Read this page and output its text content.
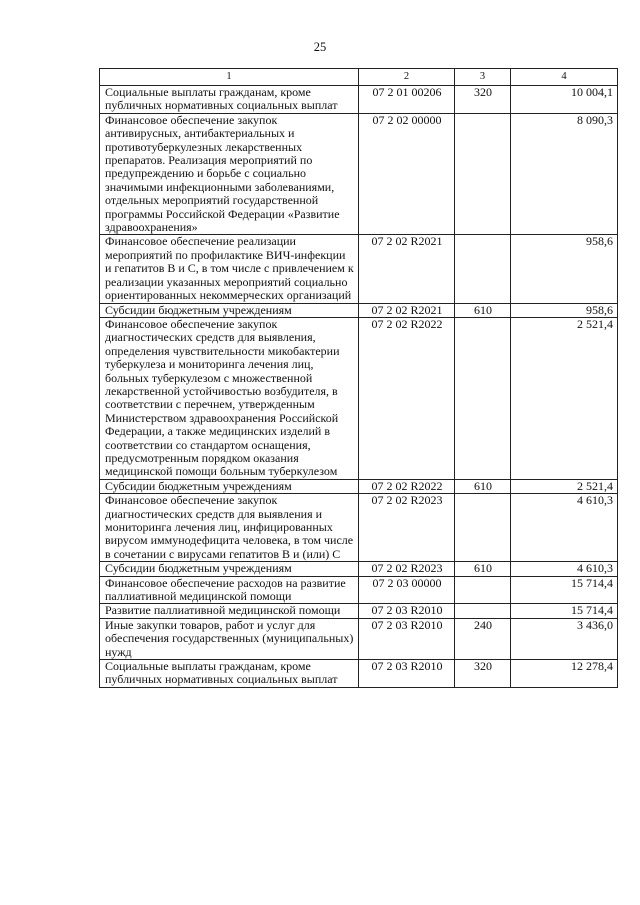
25
1	2	3	4
Социальные выплаты гражданам, кроме публичных нормативных социальных выплат	07 2 01 00206	320	10 004,1
Финансовое обеспечение закупок антивирусных, антибактериальных и противотуберкулезных лекарственных препаратов. Реализация мероприятий по предупреждению и борьбе с социально значимыми инфекционными заболеваниями, отдельных мероприятий государственной программы Российской Федерации «Развитие здравоохранения»	07 2 02 00000		8 090,3
Финансовое обеспечение реализации мероприятий по профилактике ВИЧ-инфекции и гепатитов В и С, в том числе с привлечением к реализации указанных мероприятий социально ориентированных некоммерческих организаций	07 2 02 R2021		958,6
Субсидии бюджетным учреждениям	07 2 02 R2021	610	958,6
Финансовое обеспечение закупок диагностических средств для выявления, определения чувствительности микобактерии туберкулеза и мониторинга лечения лиц, больных туберкулезом с множественной лекарственной устойчивостью возбудителя, в соответствии с перечнем, утвержденным Министерством здравоохранения Российской Федерации, а также медицинских изделий в соответствии со стандартом оснащения, предусмотренным порядком оказания медицинской помощи больным туберкулезом	07 2 02 R2022		2 521,4
Субсидии бюджетным учреждениям	07 2 02 R2022	610	2 521,4
Финансовое обеспечение закупок диагностических средств для выявления и мониторинга лечения лиц, инфицированных вирусом иммунодефицита человека, в том числе в сочетании с вирусами гепатитов В и (или) С	07 2 02 R2023		4 610,3
Субсидии бюджетным учреждениям	07 2 02 R2023	610	4 610,3
Финансовое обеспечение расходов на развитие паллиативной медицинской помощи	07 2 03 00000		15 714,4
Развитие паллиативной медицинской помощи	07 2 03 R2010		15 714,4
Иные закупки товаров, работ и услуг для обеспечения государственных (муниципальных) нужд	07 2 03 R2010	240	3 436,0
Социальные выплаты гражданам, кроме публичных нормативных социальных выплат	07 2 03 R2010	320	12 278,4
